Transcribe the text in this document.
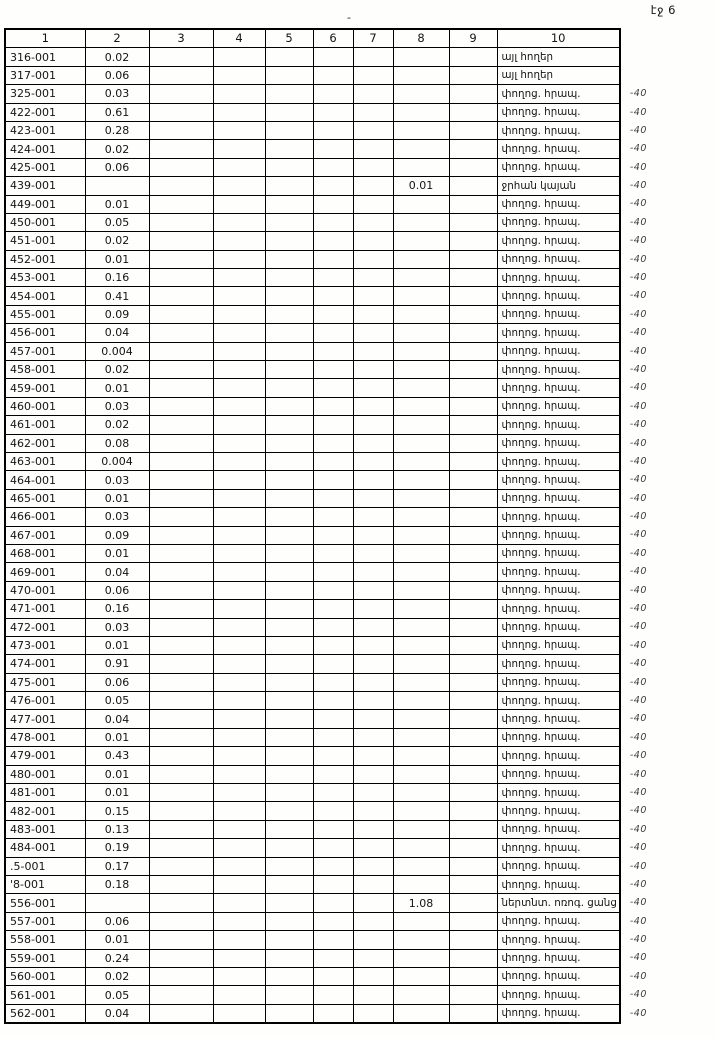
-
էջ 6
1	2	3	4	5	6	7	8	9	10	
316-001	0.02								այլ հողեր	
317-001	0.06								այլ հողեր	
325-001	0.03								փողոց. հրապ.	-40
422-001	0.61								փողոց. հրապ.	-40
423-001	0.28								փողոց. հրապ.	-40
424-001	0.02								փողոց. հրապ.	-40
425-001	0.06								փողոց. հրապ.	-40
439-001							0.01		ջրհան կայան	-40
449-001	0.01								փողոց. հրապ.	-40
450-001	0.05								փողոց. հրապ.	-40
451-001	0.02								փողոց. հրապ.	-40
452-001	0.01								փողոց. հրապ.	-40
453-001	0.16								փողոց. հրապ.	-40
454-001	0.41								փողոց. հրապ.	-40
455-001	0.09								փողոց. հրապ.	-40
456-001	0.04								փողոց. հրապ.	-40
457-001	0.004								փողոց. հրապ.	-40
458-001	0.02								փողոց. հրապ.	-40
459-001	0.01								փողոց. հրապ.	-40
460-001	0.03								փողոց. հրապ.	-40
461-001	0.02								փողոց. հրապ.	-40
462-001	0.08								փողոց. հրապ.	-40
463-001	0.004								փողոց. հրապ.	-40
464-001	0.03								փողոց. հրապ.	-40
465-001	0.01								փողոց. հրապ.	-40
466-001	0.03								փողոց. հրապ.	-40
467-001	0.09								փողոց. հրապ.	-40
468-001	0.01								փողոց. հրապ.	-40
469-001	0.04								փողոց. հրապ.	-40
470-001	0.06								փողոց. հրապ.	-40
471-001	0.16								փողոց. հրապ.	-40
472-001	0.03								փողոց. հրապ.	-40
473-001	0.01								փողոց. հրապ.	-40
474-001	0.91								փողոց. հրապ.	-40
475-001	0.06								փողոց. հրապ.	-40
476-001	0.05								փողոց. հրապ.	-40
477-001	0.04								փողոց. հրապ.	-40
478-001	0.01								փողոց. հրապ.	-40
479-001	0.43								փողոց. հրապ.	-40
480-001	0.01								փողոց. հրապ.	-40
481-001	0.01								փողոց. հրապ.	-40
482-001	0.15								փողոց. հրապ.	-40
483-001	0.13								փողոց. հրապ.	-40
484-001	0.19								փողոց. հրապ.	-40
.5-001	0.17								փողոց. հրապ.	-40
'8-001	0.18								փողոց. հրապ.	-40
556-001							1.08		ներտնտ. ոռոգ. ցանց	-40
557-001	0.06								փողոց. հրապ.	-40
558-001	0.01								փողոց. հրապ.	-40
559-001	0.24								փողոց. հրապ.	-40
560-001	0.02								փողոց. հրապ.	-40
561-001	0.05								փողոց. հրապ.	-40
562-001	0.04								փողոց. հրապ.	-40
